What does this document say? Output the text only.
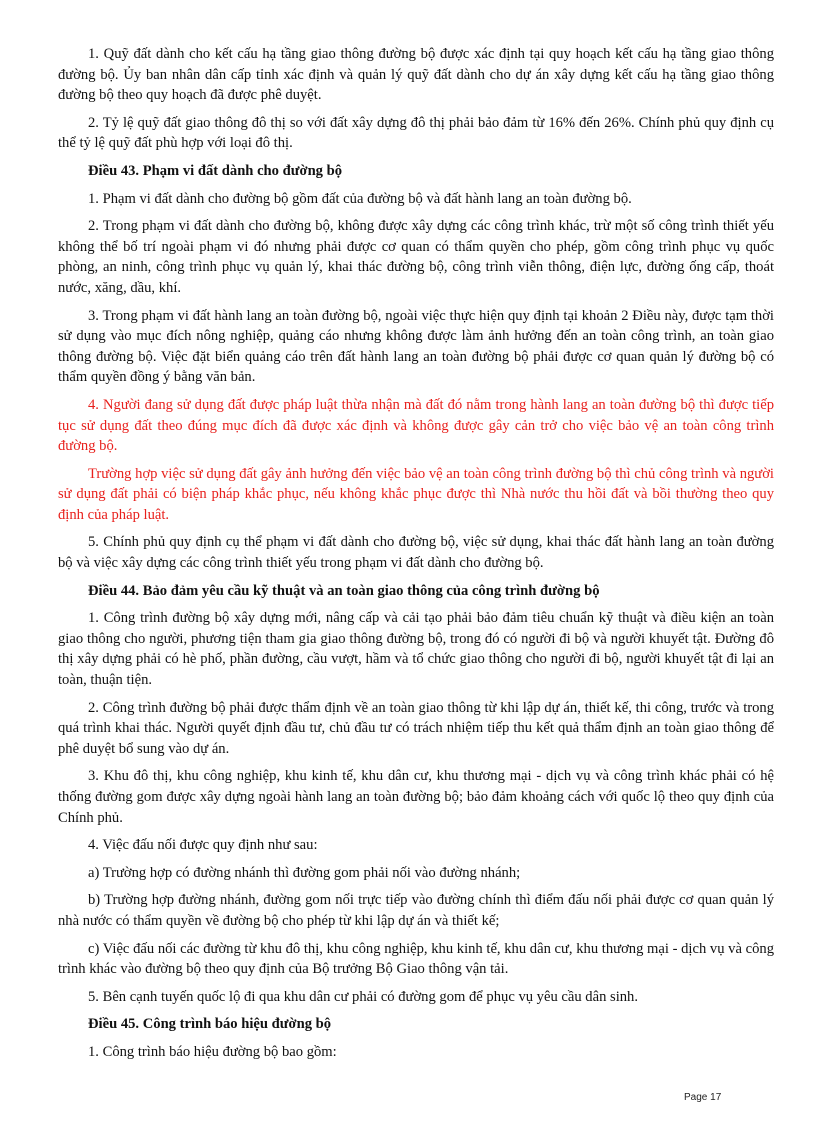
1. Quỹ đất dành cho kết cấu hạ tầng giao thông đường bộ được xác định tại quy hoạch kết cấu hạ tầng giao thông đường bộ. Ủy ban nhân dân cấp tỉnh xác định và quản lý quỹ đất dành cho dự án xây dựng kết cấu hạ tầng giao thông đường bộ theo quy hoạch đã được phê duyệt.

2. Tỷ lệ quỹ đất giao thông đô thị so với đất xây dựng đô thị phải bảo đảm từ 16% đến 26%. Chính phủ quy định cụ thể tỷ lệ quỹ đất phù hợp với loại đô thị.

Điều 43. Phạm vi đất dành cho đường bộ

1. Phạm vi đất dành cho đường bộ gồm đất của đường bộ và đất hành lang an toàn đường bộ.

2. Trong phạm vi đất dành cho đường bộ, không được xây dựng các công trình khác, trừ một số công trình thiết yếu không thể bố trí ngoài phạm vi đó nhưng phải được cơ quan có thẩm quyền cho phép, gồm công trình phục vụ quốc phòng, an ninh, công trình phục vụ quản lý, khai thác đường bộ, công trình viễn thông, điện lực, đường ống cấp, thoát nước, xăng, dầu, khí.

3. Trong phạm vi đất hành lang an toàn đường bộ, ngoài việc thực hiện quy định tại khoản 2 Điều này, được tạm thời sử dụng vào mục đích nông nghiệp, quảng cáo nhưng không được làm ảnh hưởng đến an toàn công trình, an toàn giao thông đường bộ. Việc đặt biển quảng cáo trên đất hành lang an toàn đường bộ phải được cơ quan quản lý đường bộ có thẩm quyền đồng ý bằng văn bản.

4. Người đang sử dụng đất được pháp luật thừa nhận mà đất đó nằm trong hành lang an toàn đường bộ thì được tiếp tục sử dụng đất theo đúng mục đích đã được xác định và không được gây cản trở cho việc bảo vệ an toàn công trình đường bộ.

Trường hợp việc sử dụng đất gây ảnh hưởng đến việc bảo vệ an toàn công trình đường bộ thì chủ công trình và người sử dụng đất phải có biện pháp khắc phục, nếu không khắc phục được thì Nhà nước thu hồi đất và bồi thường theo quy định của pháp luật.

5. Chính phủ quy định cụ thể phạm vi đất dành cho đường bộ, việc sử dụng, khai thác đất hành lang an toàn đường bộ và việc xây dựng các công trình thiết yếu trong phạm vi đất dành cho đường bộ.

Điều 44. Bảo đảm yêu cầu kỹ thuật và an toàn giao thông của công trình đường bộ

1. Công trình đường bộ xây dựng mới, nâng cấp và cải tạo phải bảo đảm tiêu chuẩn kỹ thuật và điều kiện an toàn giao thông cho người, phương tiện tham gia giao thông đường bộ, trong đó có người đi bộ và người khuyết tật. Đường đô thị xây dựng phải có hè phố, phần đường, cầu vượt, hầm và tổ chức giao thông cho người đi bộ, người khuyết tật đi lại an toàn, thuận tiện.

2. Công trình đường bộ phải được thẩm định về an toàn giao thông từ khi lập dự án, thiết kế, thi công, trước và trong quá trình khai thác. Người quyết định đầu tư, chủ đầu tư có trách nhiệm tiếp thu kết quả thẩm định an toàn giao thông để phê duyệt bổ sung vào dự án.

3. Khu đô thị, khu công nghiệp, khu kinh tế, khu dân cư, khu thương mại - dịch vụ và công trình khác phải có hệ thống đường gom được xây dựng ngoài hành lang an toàn đường bộ; bảo đảm khoảng cách với quốc lộ theo quy định của Chính phủ.

4. Việc đấu nối được quy định như sau:

a) Trường hợp có đường nhánh thì đường gom phải nối vào đường nhánh;

b) Trường hợp đường nhánh, đường gom nối trực tiếp vào đường chính thì điểm đấu nối phải được cơ quan quản lý nhà nước có thẩm quyền về đường bộ cho phép từ khi lập dự án và thiết kế;

c) Việc đấu nối các đường từ khu đô thị, khu công nghiệp, khu kinh tế, khu dân cư, khu thương mại - dịch vụ và công trình khác vào đường bộ theo quy định của Bộ trưởng Bộ Giao thông vận tải.

5. Bên cạnh tuyến quốc lộ đi qua khu dân cư phải có đường gom để phục vụ yêu cầu dân sinh.

Điều 45. Công trình báo hiệu đường bộ

1. Công trình báo hiệu đường bộ bao gồm:

Page 17
